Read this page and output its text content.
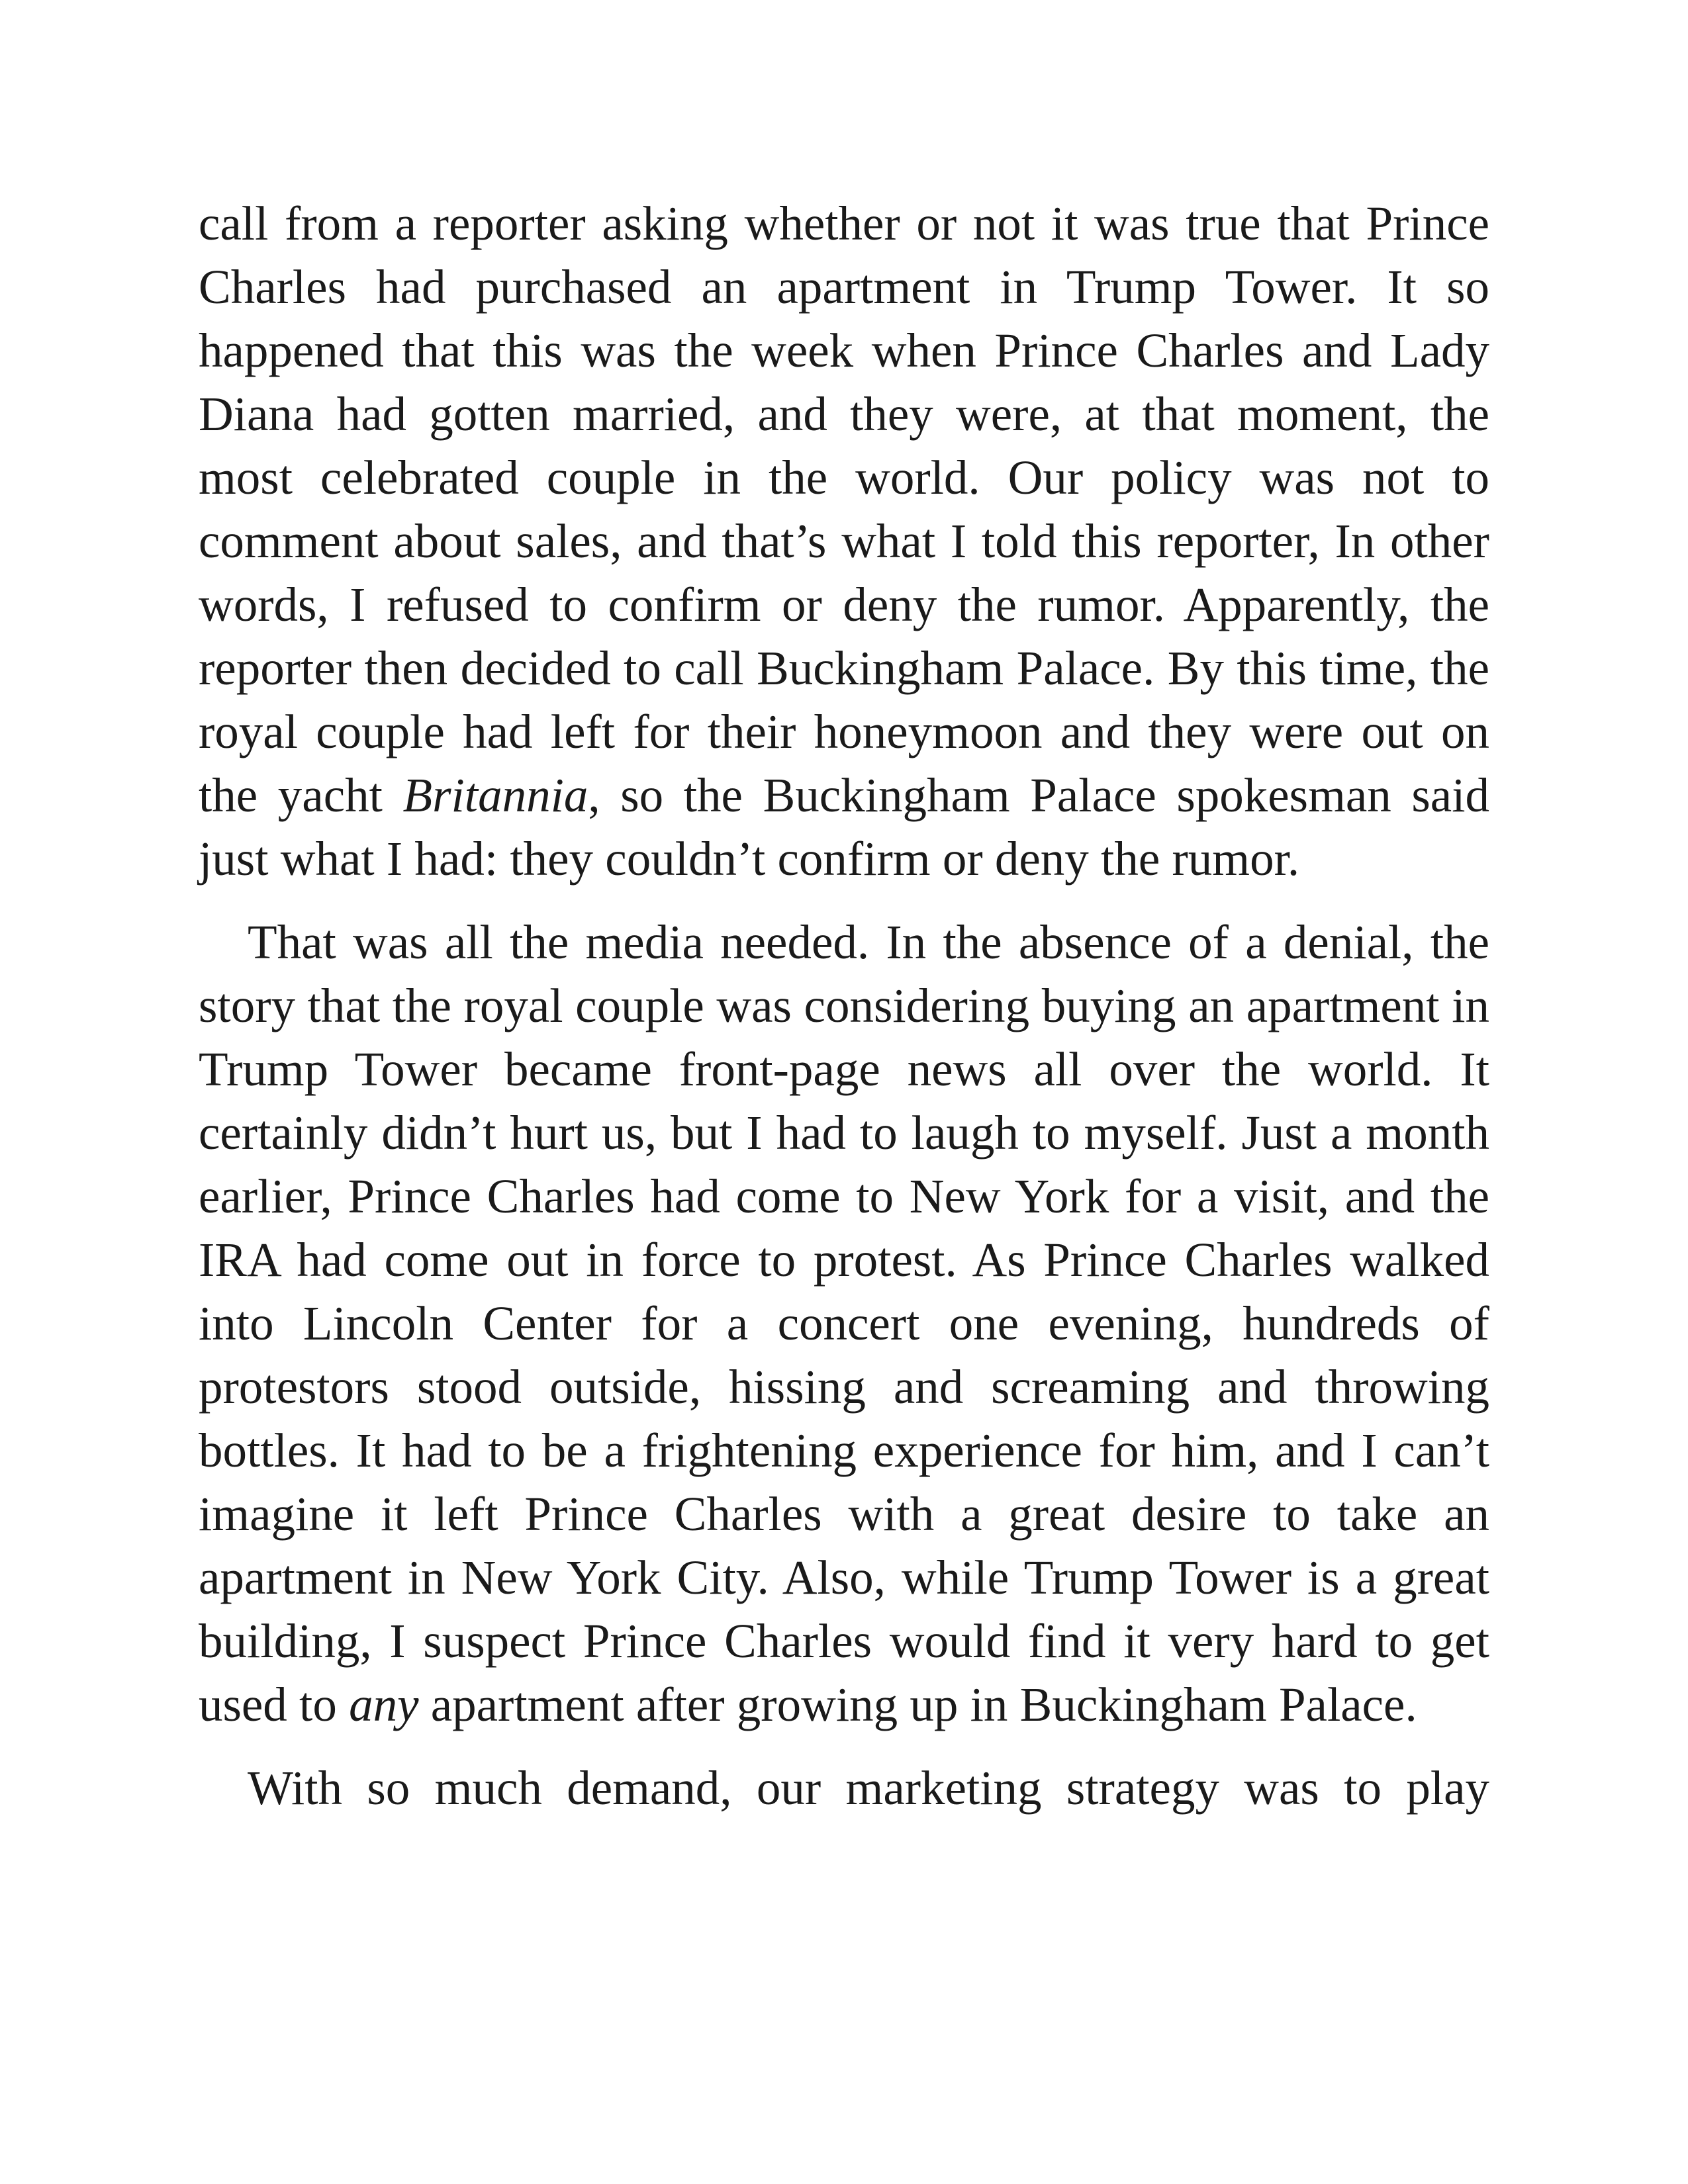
call from a reporter asking whether or not it was true that Prince Charles had purchased an apartment in Trump Tower. It so happened that this was the week when Prince Charles and Lady Diana had gotten married, and they were, at that moment, the most celebrated couple in the world. Our policy was not to comment about sales, and that’s what I told this reporter, In other words, I refused to confirm or deny the rumor. Apparently, the reporter then decided to call Buckingham Palace. By this time, the royal couple had left for their honeymoon and they were out on the yacht Britannia, so the Buckingham Palace spokesman said just what I had: they couldn’t confirm or deny the rumor.

That was all the media needed. In the absence of a denial, the story that the royal couple was considering buying an apartment in Trump Tower became front-page news all over the world. It certainly didn’t hurt us, but I had to laugh to myself. Just a month earlier, Prince Charles had come to New York for a visit, and the IRA had come out in force to protest. As Prince Charles walked into Lincoln Center for a concert one evening, hundreds of protestors stood outside, hissing and screaming and throwing bottles. It had to be a frightening experience for him, and I can’t imagine it left Prince Charles with a great desire to take an apartment in New York City. Also, while Trump Tower is a great building, I suspect Prince Charles would find it very hard to get used to any apartment after growing up in Buckingham Palace.

With so much demand, our marketing strategy was to play
